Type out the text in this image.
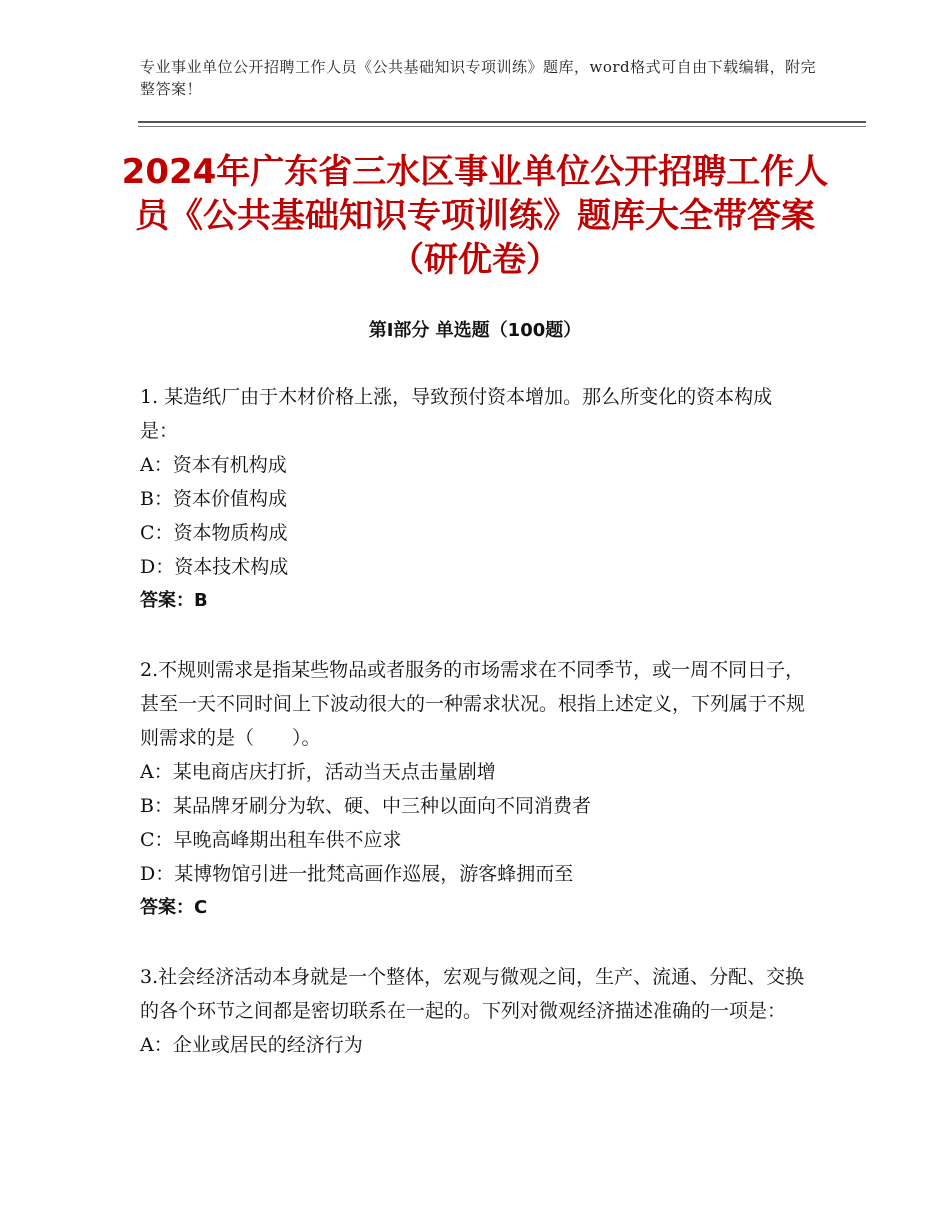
专业事业单位公开招聘工作人员《公共基础知识专项训练》题库，word格式可自由下载编辑，附完整答案！
2024年广东省三水区事业单位公开招聘工作人员《公共基础知识专项训练》题库大全带答案（研优卷）
第Ⅰ部分 单选题（100题）

1. 某造纸厂由于木材价格上涨，导致预付资本增加。那么所变化的资本构成是：

A：资本有机构成

B：资本价值构成

C：资本物质构成

D：资本技术构成

答案：B

2.不规则需求是指某些物品或者服务的市场需求在不同季节，或一周不同日子，甚至一天不同时间上下波动很大的一种需求状况。根指上述定义，下列属于不规则需求的是（　　）。

A：某电商店庆打折，活动当天点击量剧增

B：某品牌牙刷分为软、硬、中三种以面向不同消费者

C：早晚高峰期出租车供不应求

D：某博物馆引进一批梵高画作巡展，游客蜂拥而至

答案：C

3.社会经济活动本身就是一个整体，宏观与微观之间，生产、流通、分配、交换的各个环节之间都是密切联系在一起的。下列对微观经济描述准确的一项是：

A：企业或居民的经济行为
